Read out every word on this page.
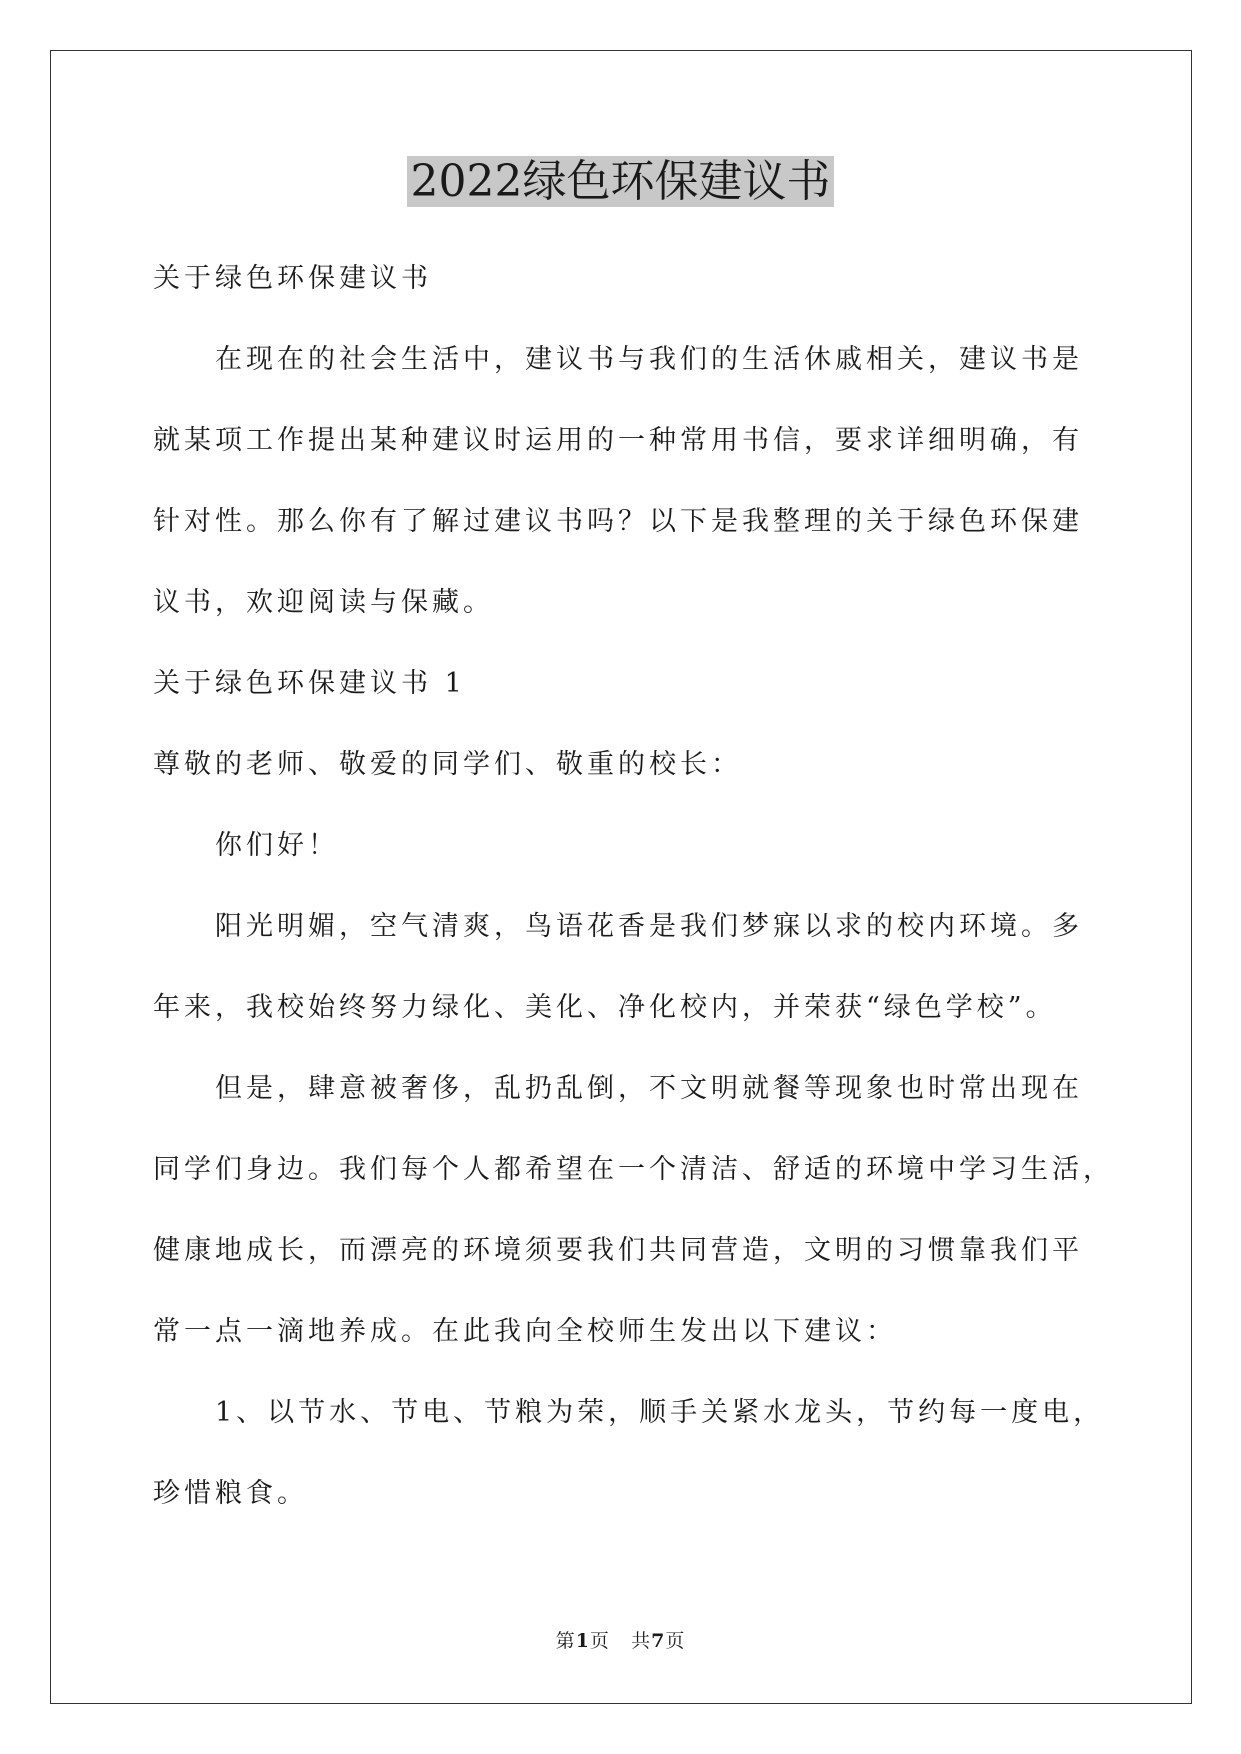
2022绿色环保建议书

关于绿色环保建议书

在现在的社会生活中，建议书与我们的生活休戚相关，建议书是

就某项工作提出某种建议时运用的一种常用书信，要求详细明确，有

针对性。那么你有了解过建议书吗？以下是我整理的关于绿色环保建

议书，欢迎阅读与保藏。

关于绿色环保建议书 1

尊敬的老师、敬爱的同学们、敬重的校长：

你们好！

阳光明媚，空气清爽，鸟语花香是我们梦寐以求的校内环境。多

年来，我校始终努力绿化、美化、净化校内，并荣获“绿色学校”。

但是，肆意被奢侈，乱扔乱倒，不文明就餐等现象也时常出现在

同学们身边。我们每个人都希望在一个清洁、舒适的环境中学习生活，

健康地成长，而漂亮的环境须要我们共同营造，文明的习惯靠我们平

常一点一滴地养成。在此我向全校师生发出以下建议：

1、以节水、节电、节粮为荣，顺手关紧水龙头，节约每一度电，

珍惜粮食。

第1页 共7页
